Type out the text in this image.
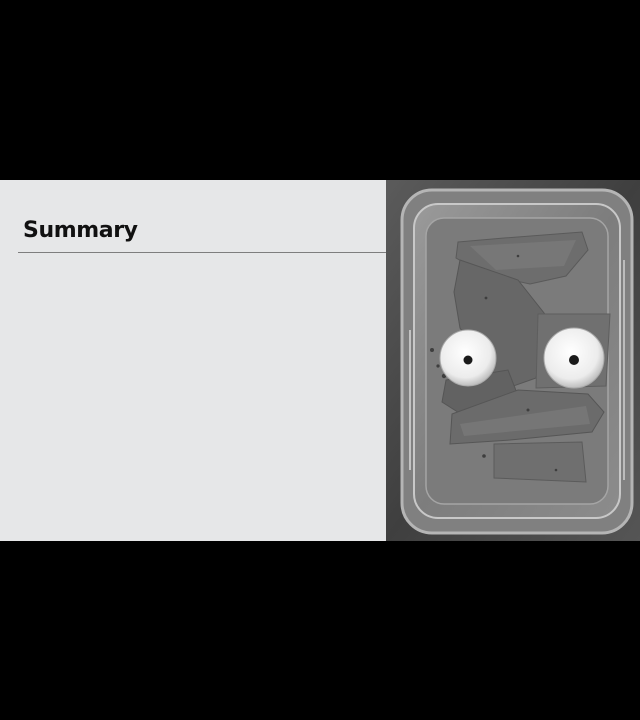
Summary
